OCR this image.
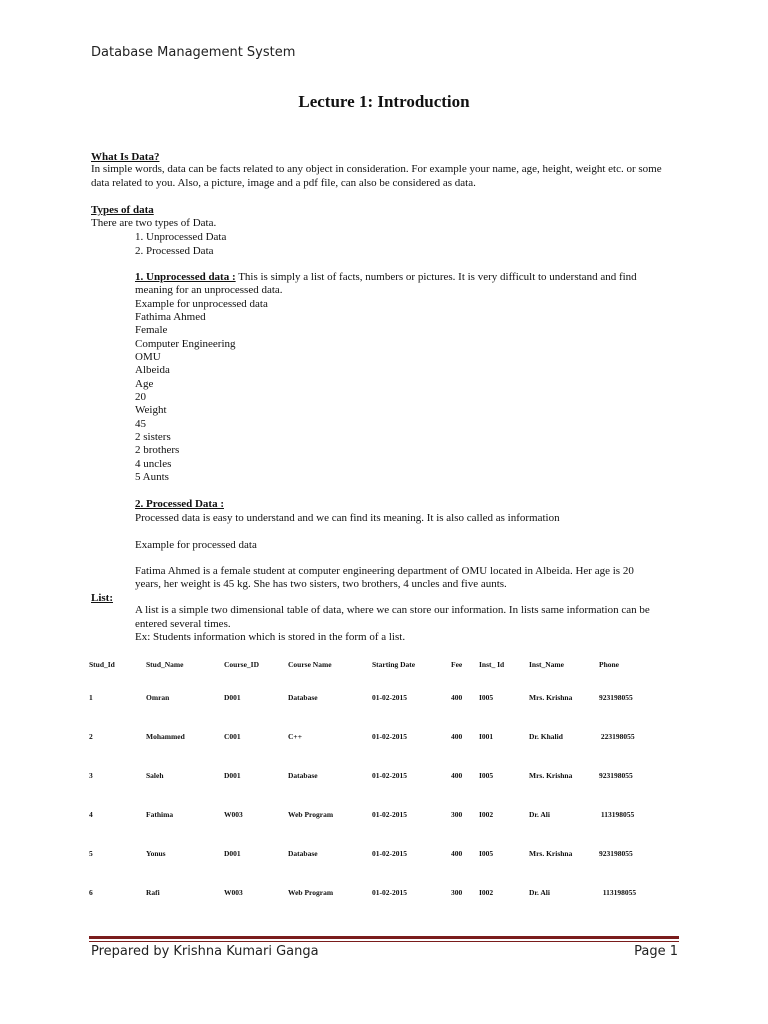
Database Management System
Lecture 1: Introduction
What Is Data?
In simple words, data can be facts related to any object in consideration. For example your name, age, height, weight etc. or some
data related to you. Also, a picture, image and a pdf file, can also be considered as data.
Types of data
There are two types of Data.
1. Unprocessed Data
2. Processed Data
1. Unprocessed data : This is simply a list of facts, numbers or pictures. It is very difficult to understand and find
meaning for an unprocessed data.
Example for unprocessed data
Fathima Ahmed
Female
Computer Engineering
OMU
Albeida
Age
20
Weight
45
2 sisters
2 brothers
4 uncles
5 Aunts
2. Processed Data :
Processed data is easy to understand and we can find its meaning. It is also called as information
Example for processed data
Fatima Ahmed is a female student at computer engineering department of OMU located in Albeida. Her age is 20
years, her weight is 45 kg. She has two sisters, two brothers, 4 uncles and five aunts.
List:
A list is a simple two dimensional table of data, where we can store our information. In lists same information can be
entered several times.
Ex: Students information which is stored in the form of a list.
Stud_Id	Stud_Name	Course_ID	Course Name	Starting Date	Fee	Inst_ Id	Inst_Name	Phone
1	Omran	D001	Database	01-02-2015	400	I005	Mrs. Krishna	923198055
2	Mohammed	C001	C++	01-02-2015	400	I001	Dr. Khalid	223198055
3	Saleh	D001	Database	01-02-2015	400	I005	Mrs. Krishna	923198055
4	Fathima	W003	Web Program	01-02-2015	300	I002	Dr. Ali	113198055
5	Yonus	D001	Database	01-02-2015	400	I005	Mrs. Krishna	923198055
6	Rafi	W003	Web Program	01-02-2015	300	I002	Dr. Ali	113198055
Prepared by Krishna Kumari Ganga	Page 1
